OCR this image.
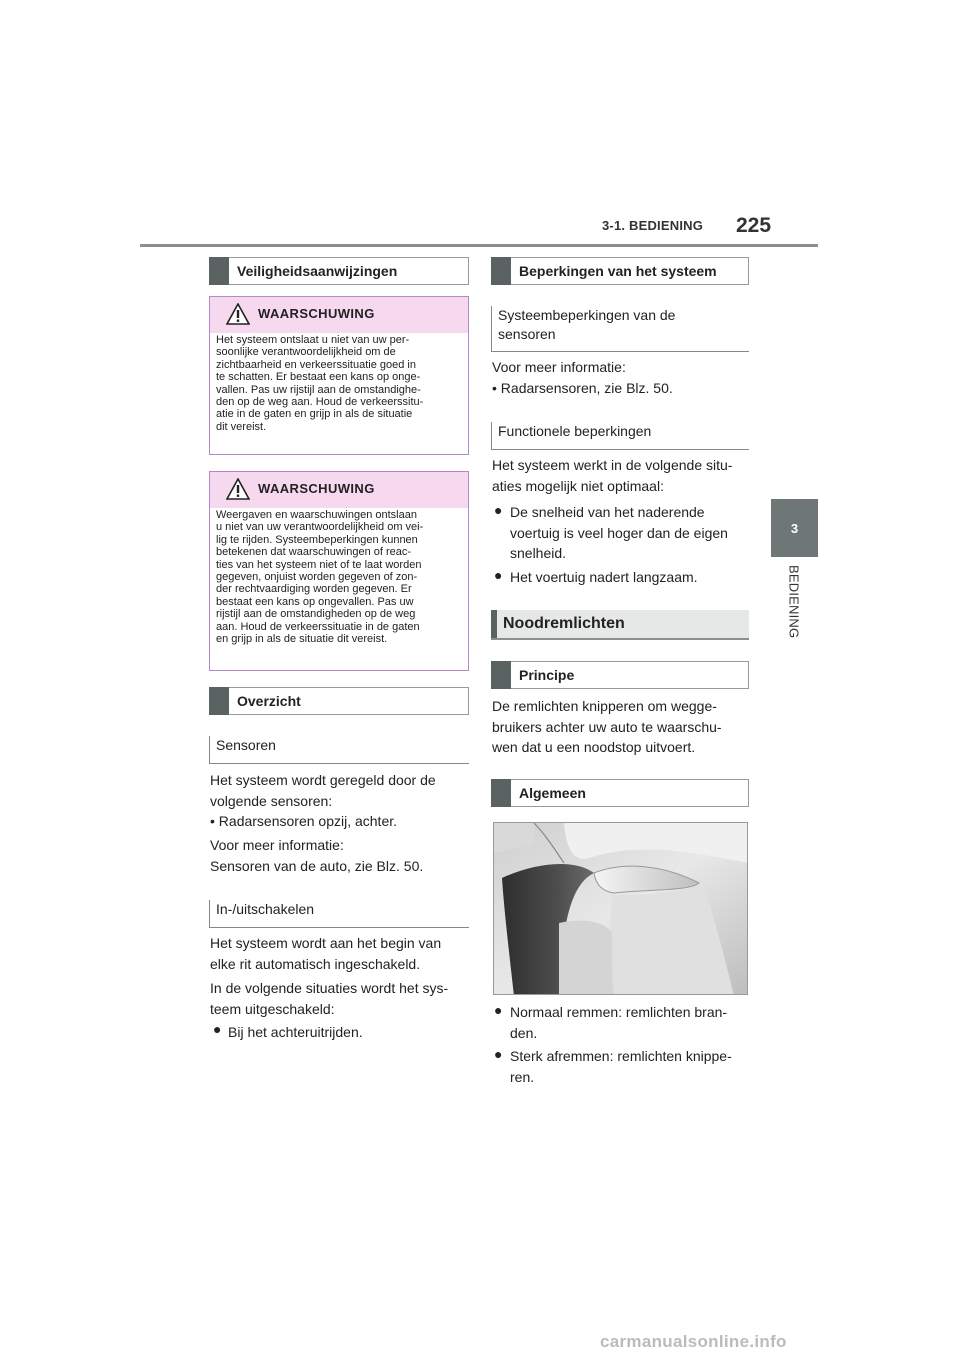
3-1. BEDIENING 225
3
BEDIENING
Veiligheidsaanwijzingen
WAARSCHUWING
Het systeem ontslaat u niet van uw per-
soonlijke verantwoordelijkheid om de
zichtbaarheid en verkeerssituatie goed in
te schatten. Er bestaat een kans op onge-
vallen. Pas uw rijstijl aan de omstandighe-
den op de weg aan. Houd de verkeerssitu-
atie in de gaten en grijp in als de situatie
dit vereist.
WAARSCHUWING
Weergaven en waarschuwingen ontslaan
u niet van uw verantwoordelijkheid om vei-
lig te rijden. Systeembeperkingen kunnen
betekenen dat waarschuwingen of reac-
ties van het systeem niet of te laat worden
gegeven, onjuist worden gegeven of zon-
der rechtvaardiging worden gegeven. Er
bestaat een kans op ongevallen. Pas uw
rijstijl aan de omstandigheden op de weg
aan. Houd de verkeerssituatie in de gaten
en grijp in als de situatie dit vereist.
Overzicht
Sensoren
Het systeem wordt geregeld door de
volgende sensoren:
• Radarsensoren opzij, achter.
Voor meer informatie:
Sensoren van de auto, zie Blz. 50.
In-/uitschakelen
Het systeem wordt aan het begin van
elke rit automatisch ingeschakeld.
In de volgende situaties wordt het sys-
teem uitgeschakeld:
● Bij het achteruitrijden.
Beperkingen van het systeem
Systeembeperkingen van de
sensoren
Voor meer informatie:
• Radarsensoren, zie Blz. 50.
Functionele beperkingen
Het systeem werkt in de volgende situ-
aties mogelijk niet optimaal:
● De snelheid van het naderende
voertuig is veel hoger dan de eigen
snelheid.
● Het voertuig nadert langzaam.
Noodremlichten
Principe
De remlichten knipperen om wegge-
bruikers achter uw auto te waarschu-
wen dat u een noodstop uitvoert.
Algemeen
● Normaal remmen: remlichten bran-
den.
● Sterk afremmen: remlichten knippe-
ren.
carmanualsonline.info
